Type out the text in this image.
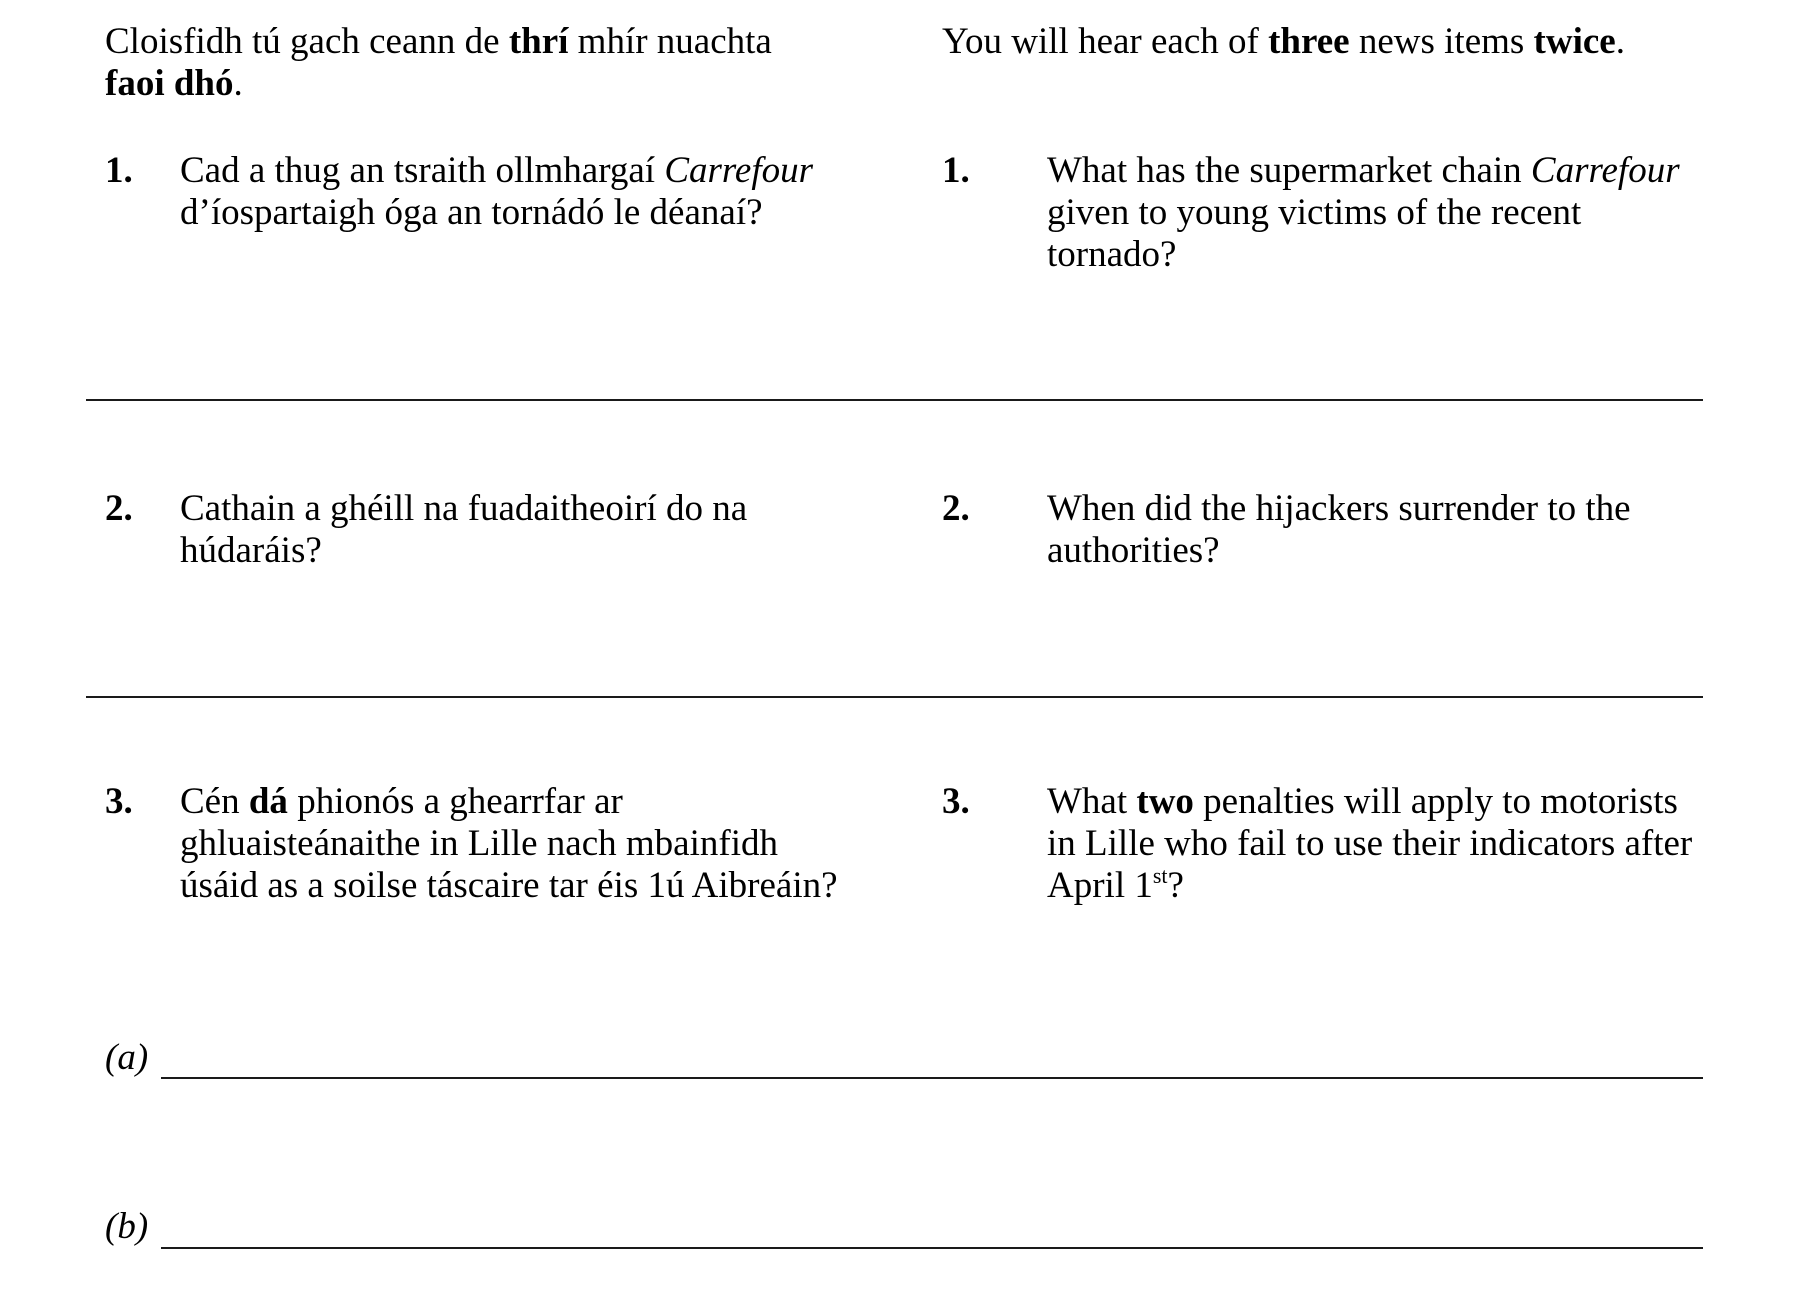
Cloisfidh tú gach ceann de thrí mhír nuachta
faoi dhó.

You will hear each of three news items twice.

1. Cad a thug an tsraith ollmhargaí Carrefour
d’íospartaigh óga an tornádó le déanaí?
1. What has the supermarket chain Carrefour
given to young victims of the recent
tornado?
2. Cathain a ghéill na fuadaitheoirí do na
húdaráis?
2. When did the hijackers surrender to the
authorities?
3. Cén dá phionós a ghearrfar ar
ghluaisteánaithe in Lille nach mbainfidh
úsáid as a soilse táscaire tar éis 1ú Aibreáin?
3. What two penalties will apply to motorists
in Lille who fail to use their indicators after
April 1st?
(a)
(b)
